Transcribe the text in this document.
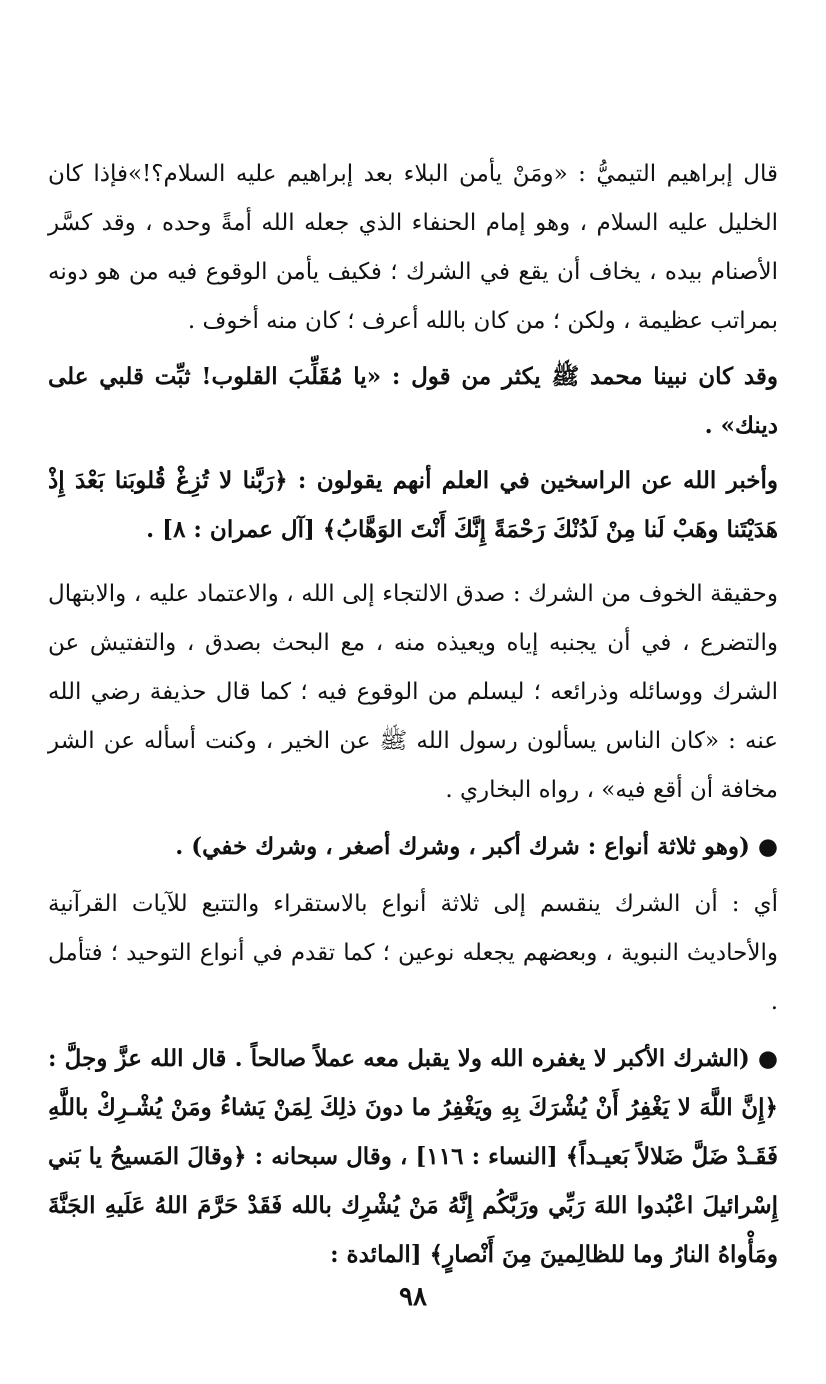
قال إبراهيم التيميُّ : «ومَنْ يأمن البلاء بعد إبراهيم عليه السلام؟!»فإذا كان الخليل عليه السلام ، وهو إمام الحنفاء الذي جعله الله أمةً وحده ، وقد كسَّر الأصنام بيده ، يخاف أن يقع في الشرك ؛ فكيف يأمن الوقوع فيه من هو دونه بمراتب عظيمة ، ولكن ؛ من كان بالله أعرف ؛ كان منه أخوف .

وقد كان نبينا محمد ﷺ يكثر من قول : «يا مُقَلِّبَ القلوب! ثبِّت قلبي على دينك» .

وأخبر الله عن الراسخين في العلم أنهم يقولون : ﴿رَبَّنا لا تُزِغْ قُلوبَنا بَعْدَ إِذْ هَدَيْتَنا وهَبْ لَنا مِنْ لَدُنْكَ رَحْمَةً إِنَّكَ أَنْتَ الوَهَّابُ﴾ [آل عمران : ٨] .

وحقيقة الخوف من الشرك : صدق الالتجاء إلى الله ، والاعتماد عليه ، والابتهال والتضرع ، في أن يجنبه إياه ويعيذه منه ، مع البحث بصدق ، والتفتيش عن الشرك ووسائله وذرائعه ؛ ليسلم من الوقوع فيه ؛ كما قال حذيفة رضي الله عنه : «كان الناس يسألون رسول الله ﷺ عن الخير ، وكنت أسأله عن الشر مخافة أن أقع فيه» ، رواه البخاري .

● (وهو ثلاثة أنواع : شرك أكبر ، وشرك أصغر ، وشرك خفي) .

أي : أن الشرك ينقسم إلى ثلاثة أنواع بالاستقراء والتتبع للآيات القرآنية والأحاديث النبوية ، وبعضهم يجعله نوعين ؛ كما تقدم في أنواع التوحيد ؛ فتأمل .

● (الشرك الأكبر لا يغفره الله ولا يقبل معه عملاً صالحاً . قال الله عزَّ وجلَّ : ﴿إِنَّ اللَّهَ لا يَغْفِرُ أَنْ يُشْرَكَ بِهِ ويَغْفِرُ ما دونَ ذلِكَ لِمَنْ يَشاءُ ومَنْ يُشْـرِكْ باللَّهِ فَقَـدْ ضَلَّ ضَلالاً بَعيـداً﴾ [النساء : ١١٦] ، وقال سبحانه : ﴿وقالَ المَسيحُ يا بَني إِسْرائيلَ اعْبُدوا اللهَ رَبِّي ورَبَّكُم إِنَّهُ مَنْ يُشْرِك بالله فَقَدْ حَرَّمَ اللهُ عَلَيهِ الجَنَّةَ ومَأْواهُ النارُ وما للظالِمينَ مِنَ أَنْصارٍ﴾ [المائدة :

٩٨
